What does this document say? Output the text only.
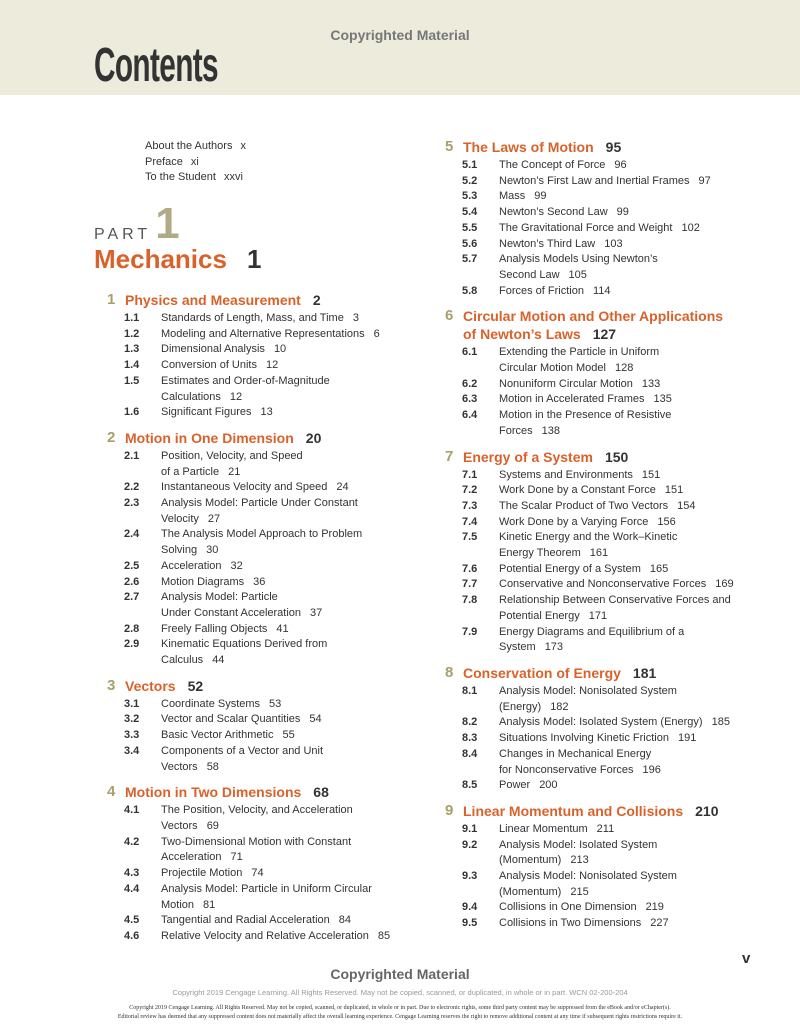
Copyrighted Material
Contents
About the Authors x
Preface xi
To the Student xxvi
PART1
Mechanics 1
1 Physics and Measurement 2
1.1 Standards of Length, Mass, and Time 3
1.2 Modeling and Alternative Representations 6
1.3 Dimensional Analysis 10
1.4 Conversion of Units 12
1.5 Estimates and Order-of-Magnitude
Calculations 12
1.6 Significant Figures 13
2 Motion in One Dimension 20
2.1 Position, Velocity, and Speed
of a Particle 21
2.2 Instantaneous Velocity and Speed 24
2.3 Analysis Model: Particle Under Constant
Velocity 27
2.4 The Analysis Model Approach to Problem
Solving 30
2.5 Acceleration 32
2.6 Motion Diagrams 36
2.7 Analysis Model: Particle
Under Constant Acceleration 37
2.8 Freely Falling Objects 41
2.9 Kinematic Equations Derived from
Calculus 44
3 Vectors 52
3.1 Coordinate Systems 53
3.2 Vector and Scalar Quantities 54
3.3 Basic Vector Arithmetic 55
3.4 Components of a Vector and Unit
Vectors 58
4 Motion in Two Dimensions 68
4.1 The Position, Velocity, and Acceleration
Vectors 69
4.2 Two-Dimensional Motion with Constant
Acceleration 71
4.3 Projectile Motion 74
4.4 Analysis Model: Particle in Uniform Circular
Motion 81
4.5 Tangential and Radial Acceleration 84
4.6 Relative Velocity and Relative Acceleration 85
5 The Laws of Motion 95
5.1 The Concept of Force 96
5.2 Newton’s First Law and Inertial Frames 97
5.3 Mass 99
5.4 Newton’s Second Law 99
5.5 The Gravitational Force and Weight 102
5.6 Newton’s Third Law 103
5.7 Analysis Models Using Newton’s
Second Law 105
5.8 Forces of Friction 114
6 Circular Motion and Other Applications
of Newton’s Laws 127
6.1 Extending the Particle in Uniform
Circular Motion Model 128
6.2 Nonuniform Circular Motion 133
6.3 Motion in Accelerated Frames 135
6.4 Motion in the Presence of Resistive
Forces 138
7 Energy of a System 150
7.1 Systems and Environments 151
7.2 Work Done by a Constant Force 151
7.3 The Scalar Product of Two Vectors 154
7.4 Work Done by a Varying Force 156
7.5 Kinetic Energy and the Work–Kinetic
Energy Theorem 161
7.6 Potential Energy of a System 165
7.7 Conservative and Nonconservative Forces 169
7.8 Relationship Between Conservative Forces and
Potential Energy 171
7.9 Energy Diagrams and Equilibrium of a
System 173
8 Conservation of Energy 181
8.1 Analysis Model: Nonisolated System
(Energy) 182
8.2 Analysis Model: Isolated System (Energy) 185
8.3 Situations Involving Kinetic Friction 191
8.4 Changes in Mechanical Energy
for Nonconservative Forces 196
8.5 Power 200
9 Linear Momentum and Collisions 210
9.1 Linear Momentum 211
9.2 Analysis Model: Isolated System
(Momentum) 213
9.3 Analysis Model: Nonisolated System
(Momentum) 215
9.4 Collisions in One Dimension 219
9.5 Collisions in Two Dimensions 227
v
Copyrighted Material
Copyright 2019 Cengage Learning. All Rights Reserved. May not be copied, scanned, or duplicated, in whole or in part. WCN 02-200-204
Copyright 2019 Cengage Learning. All Rights Reserved. May not be copied, scanned, or duplicated, in whole or in part. Due to electronic rights, some third party content may be suppressed from the eBook and/or eChapter(s).
Editorial review has deemed that any suppressed content does not materially affect the overall learning experience. Cengage Learning reserves the right to remove additional content at any time if subsequent rights restrictions require it.
